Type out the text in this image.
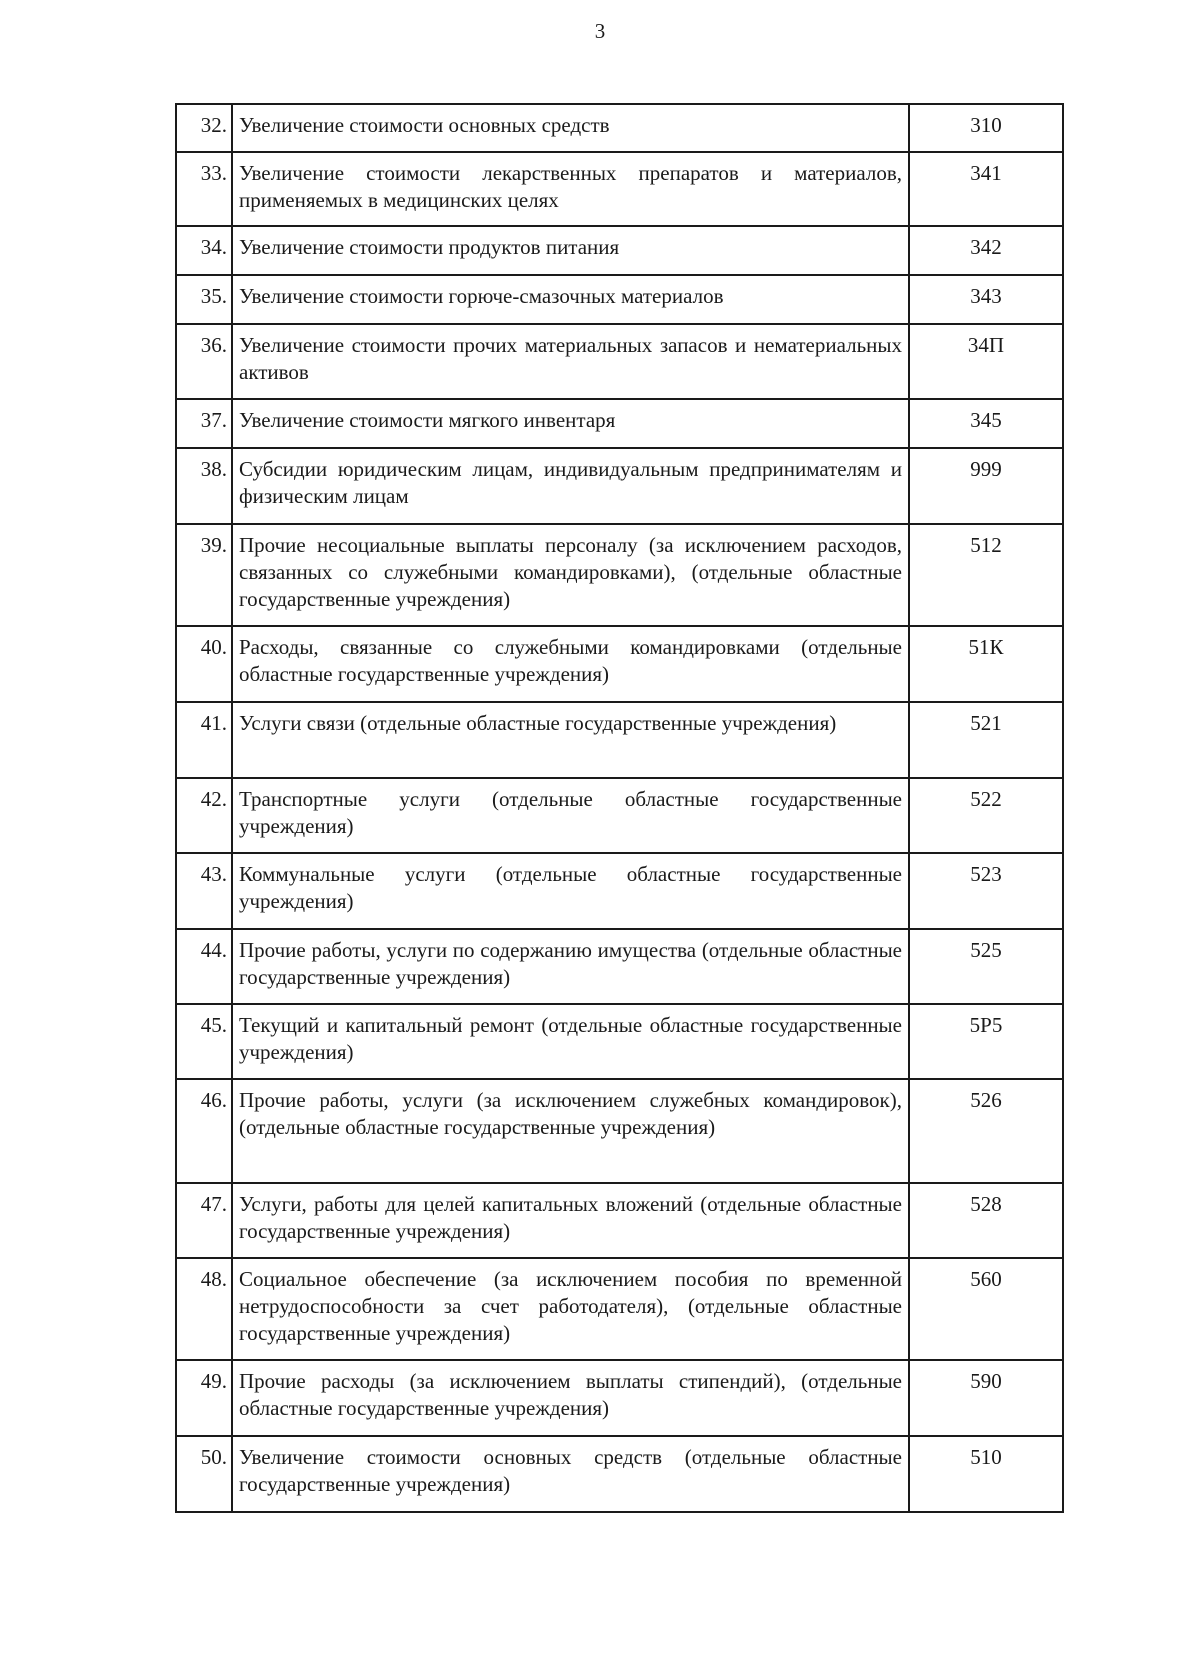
3
32.	Увеличение стоимости основных средств	310
33.	Увеличение стоимости лекарственных препаратов и материалов, применяемых в медицинских целях	341
34.	Увеличение стоимости продуктов питания	342
35.	Увеличение стоимости горюче-смазочных материалов	343
36.	Увеличение стоимости прочих материальных запасов и нематериальных активов	34П
37.	Увеличение стоимости мягкого инвентаря	345
38.	Субсидии юридическим лицам, индивидуальным предпринимателям и физическим лицам	999
39.	Прочие несоциальные выплаты персоналу (за исключением расходов, связанных со служебными командировками), (отдельные областные государственные учреждения)	512
40.	Расходы, связанные со служебными командировками (отдельные областные государственные учреждения)	51К
41.	Услуги связи (отдельные областные государственные учреждения)	521
42.	Транспортные услуги (отдельные областные государственные учреждения)	522
43.	Коммунальные услуги (отдельные областные государственные учреждения)	523
44.	Прочие работы, услуги по содержанию имущества (отдельные областные государственные учреждения)	525
45.	Текущий и капитальный ремонт (отдельные областные государственные учреждения)	5Р5
46.	Прочие работы, услуги (за исключением служебных командировок), (отдельные областные государственные учреждения)	526
47.	Услуги, работы для целей капитальных вложений (отдельные областные государственные учреждения)	528
48.	Социальное обеспечение (за исключением пособия по временной нетрудоспособности за счет работодателя), (отдельные областные государственные учреждения)	560
49.	Прочие расходы (за исключением выплаты стипендий), (отдельные областные государственные учреждения)	590
50.	Увеличение стоимости основных средств (отдельные областные государственные учреждения)	510
